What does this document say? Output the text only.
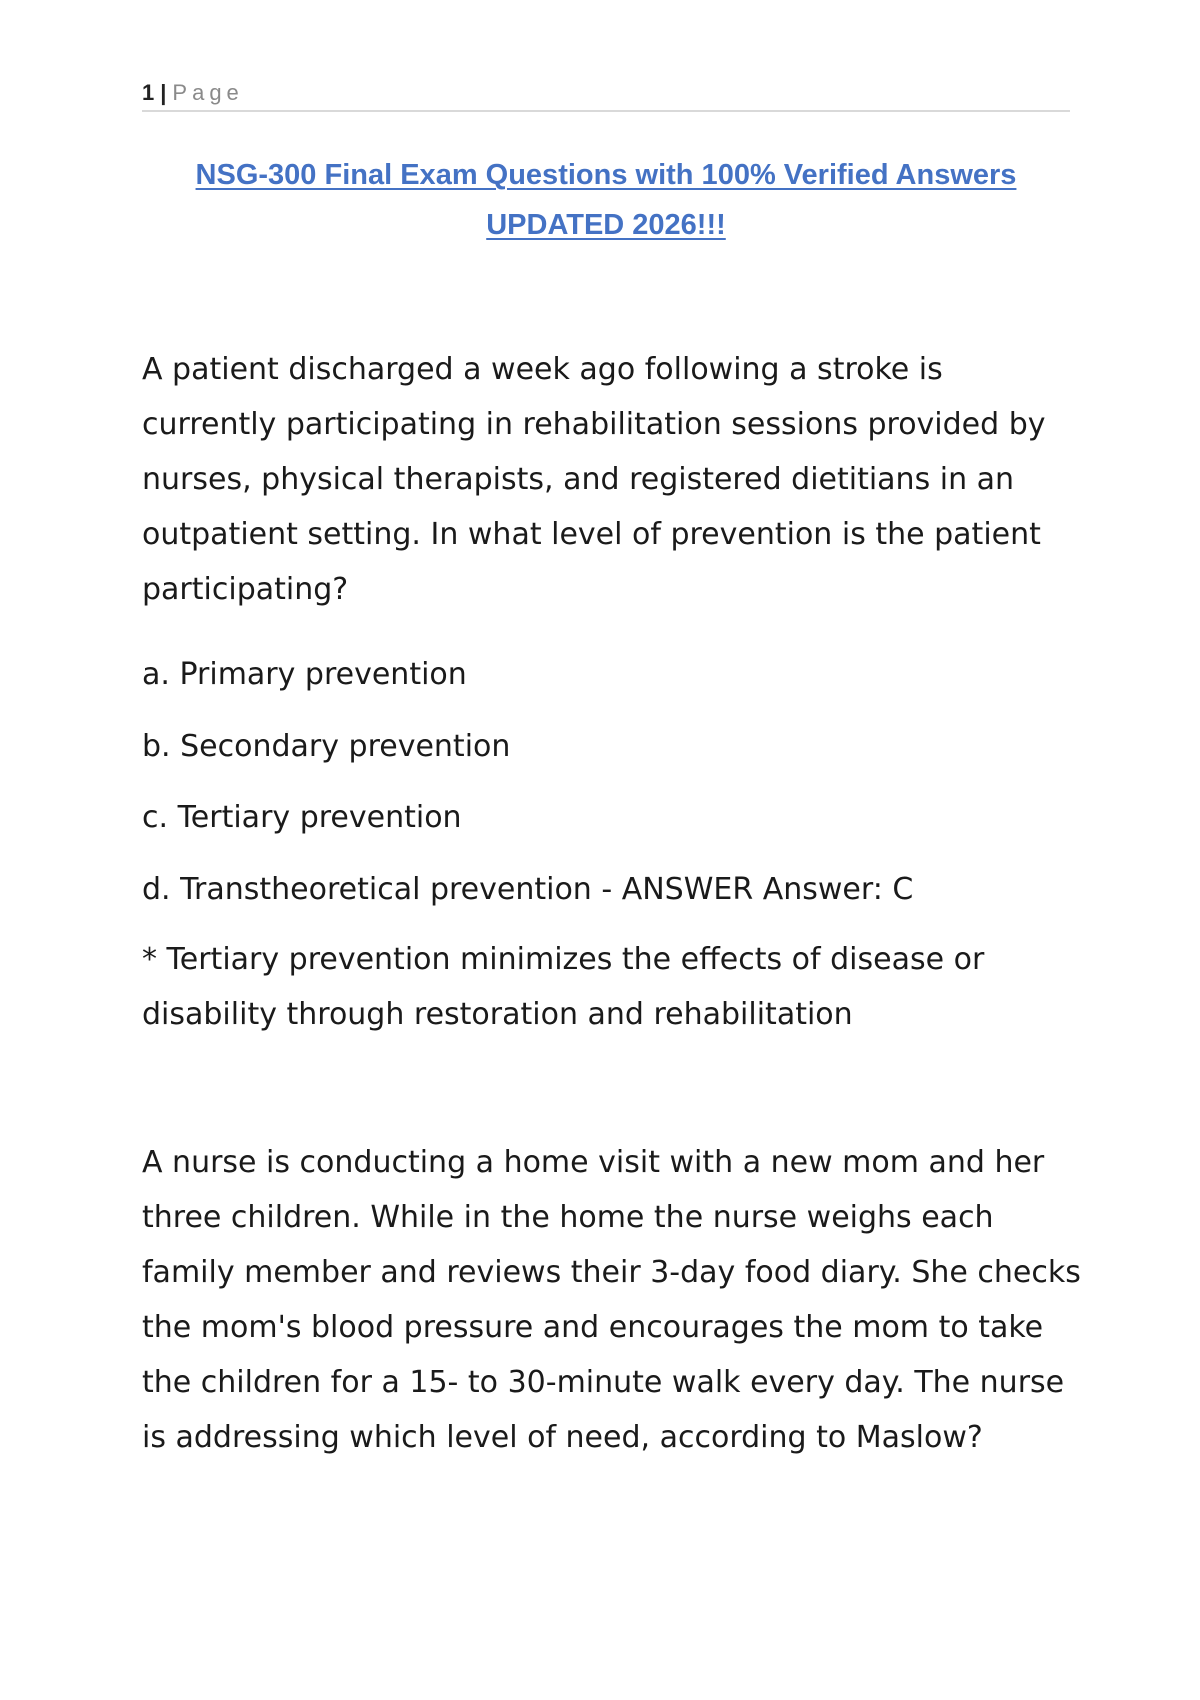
1 | Page
NSG-300 Final Exam Questions with 100% Verified Answers
UPDATED 2026!!!
A patient discharged a week ago following a stroke is currently participating in rehabilitation sessions provided by nurses, physical therapists, and registered dietitians in an outpatient setting. In what level of prevention is the patient participating?
a. Primary prevention
b. Secondary prevention
c. Tertiary prevention
d. Transtheoretical prevention - ANSWER Answer: C
* Tertiary prevention minimizes the effects of disease or disability through restoration and rehabilitation
A nurse is conducting a home visit with a new mom and her three children. While in the home the nurse weighs each family member and reviews their 3-day food diary. She checks the mom's blood pressure and encourages the mom to take the children for a 15- to 30-minute walk every day. The nurse is addressing which level of need, according to Maslow?
